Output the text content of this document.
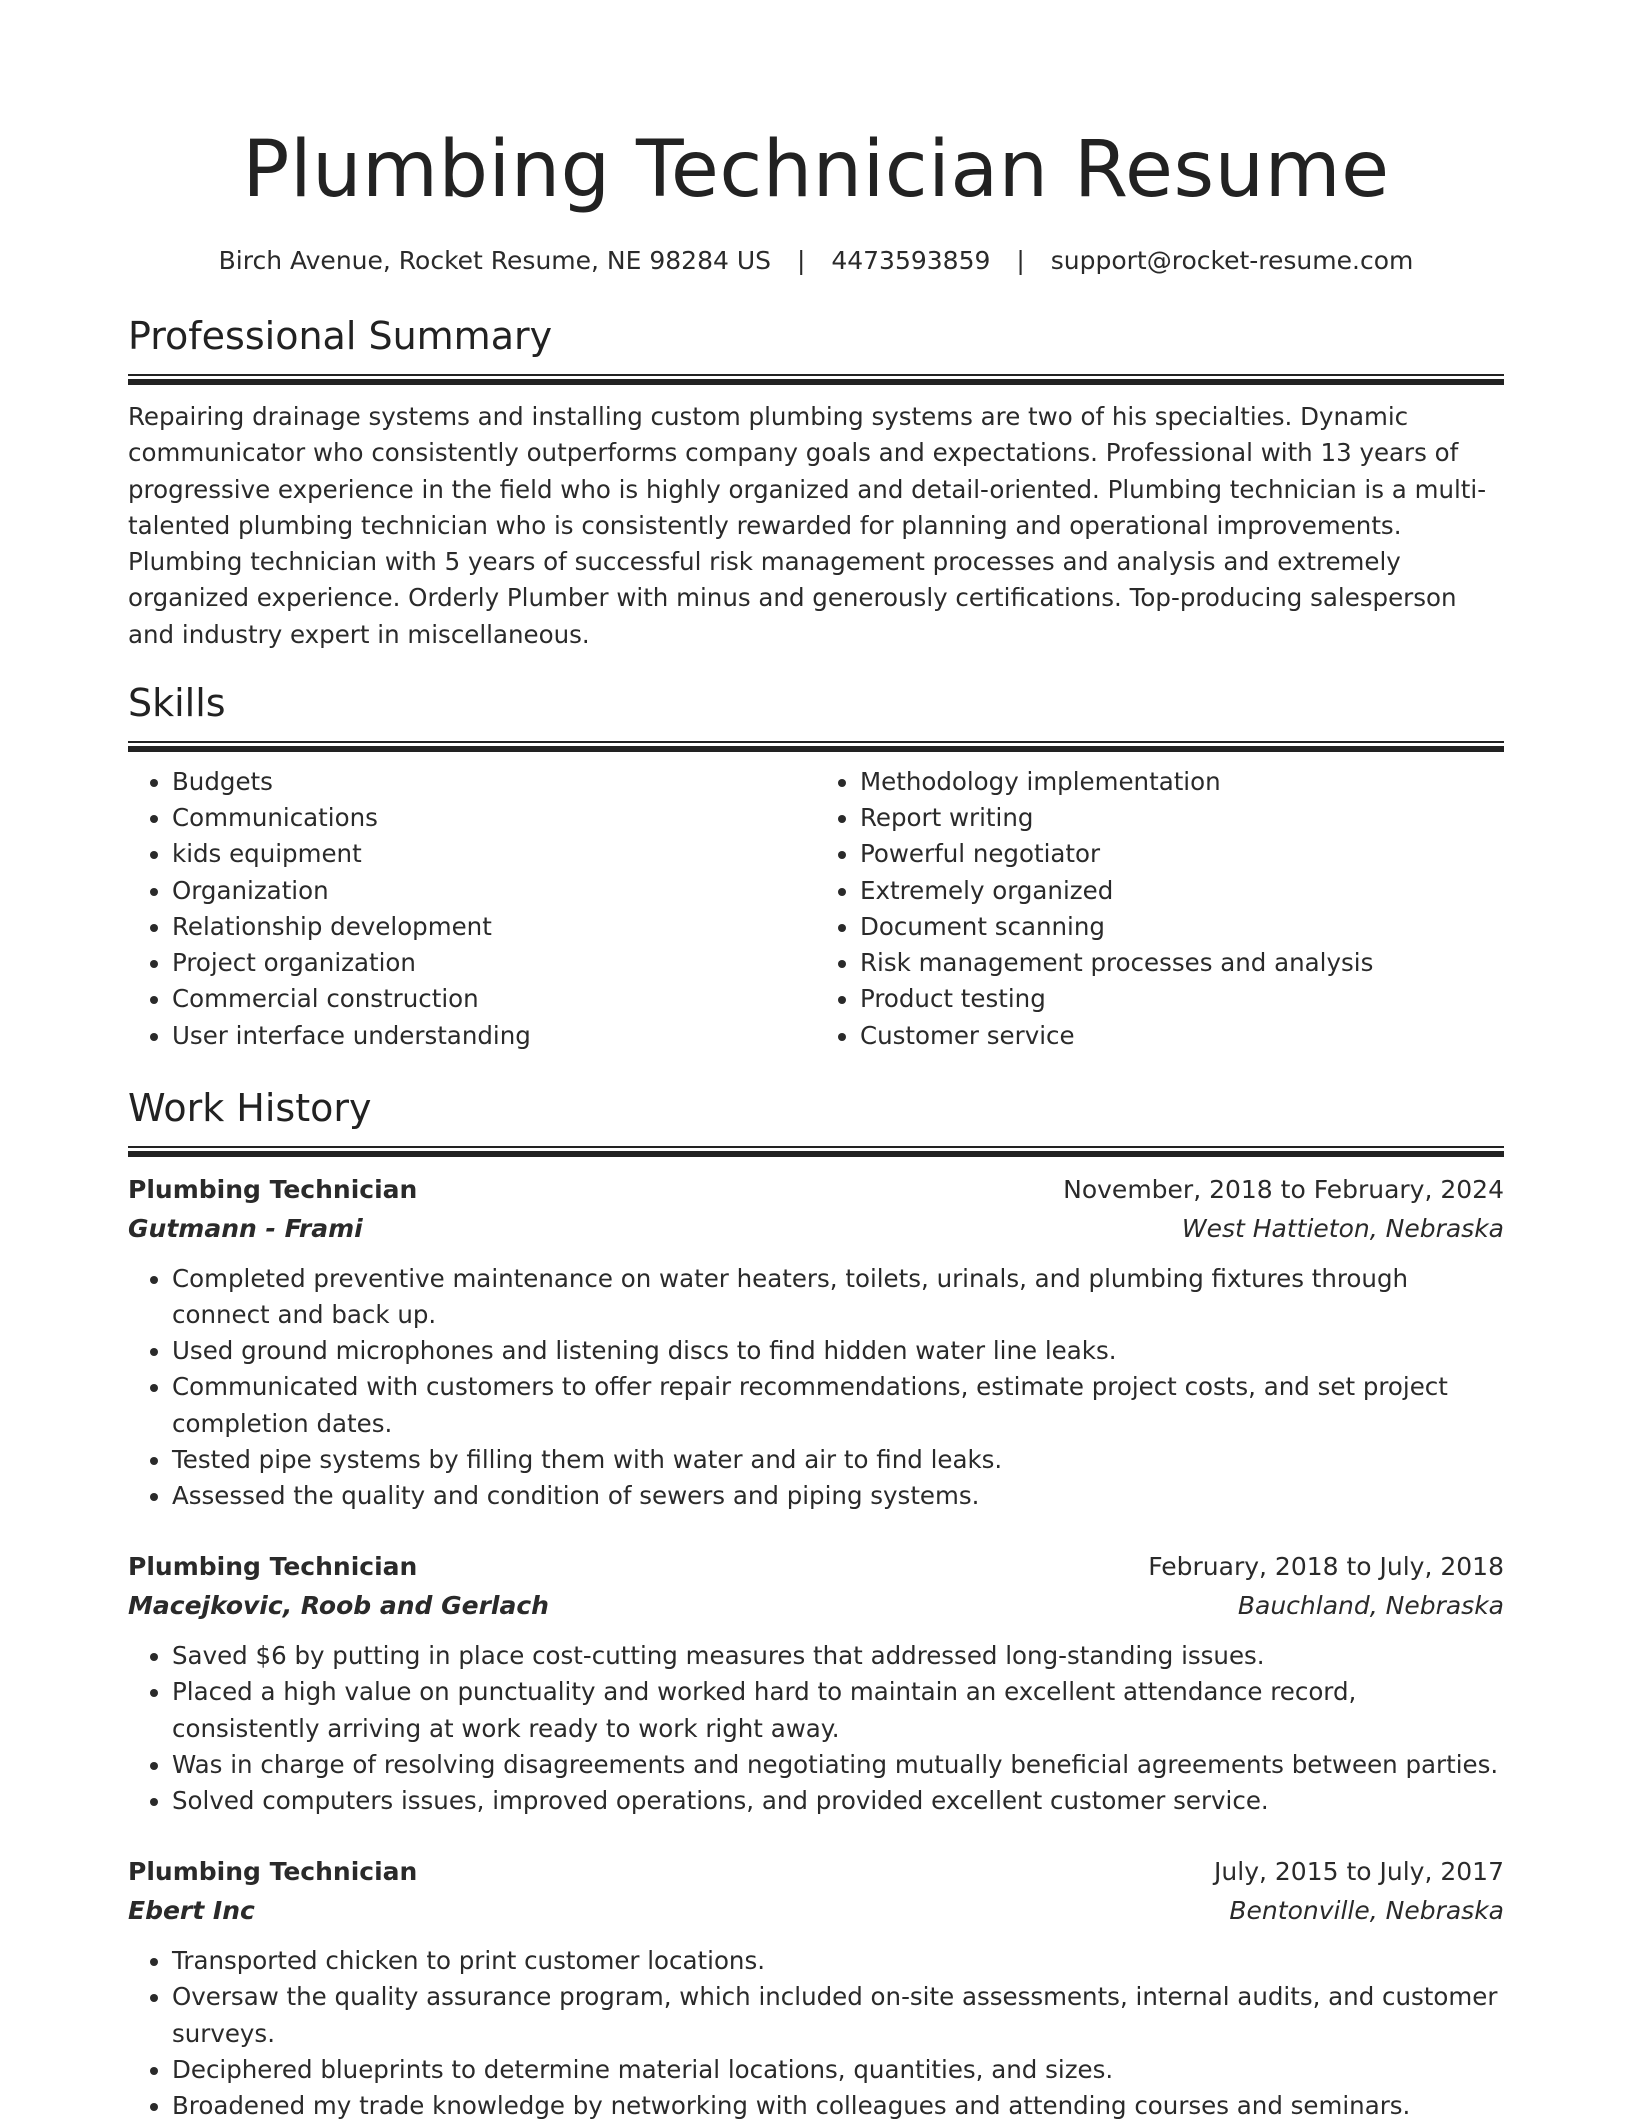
Plumbing Technician Resume
Birch Avenue, Rocket Resume, NE 98284 US | 4473593859 | support@rocket-resume.com
Professional Summary

Repairing drainage systems and installing custom plumbing systems are two of his specialties. Dynamic communicator who consistently outperforms company goals and expectations. Professional with 13 years of progressive experience in the field who is highly organized and detail-oriented. Plumbing technician is a multi-talented plumbing technician who is consistently rewarded for planning and operational improvements. Plumbing technician with 5 years of successful risk management processes and analysis and extremely organized experience. Orderly Plumber with minus and generously certifications. Top-producing salesperson and industry expert in miscellaneous.

Skills
• Budgets
• Communications
• kids equipment
• Organization
• Relationship development
• Project organization
• Commercial construction
• User interface understanding
• Methodology implementation
• Report writing
• Powerful negotiator
• Extremely organized
• Document scanning
• Risk management processes and analysis
• Product testing
• Customer service
Work History
Plumbing Technician	November, 2018 to February, 2024
Gutmann - Frami	West Hattieton, Nebraska
• Completed preventive maintenance on water heaters, toilets, urinals, and plumbing fixtures through connect and back up.
• Used ground microphones and listening discs to find hidden water line leaks.
• Communicated with customers to offer repair recommendations, estimate project costs, and set project completion dates.
• Tested pipe systems by filling them with water and air to find leaks.
• Assessed the quality and condition of sewers and piping systems.
Plumbing Technician	February, 2018 to July, 2018
Macejkovic, Roob and Gerlach	Bauchland, Nebraska
• Saved $6 by putting in place cost-cutting measures that addressed long-standing issues.
• Placed a high value on punctuality and worked hard to maintain an excellent attendance record, consistently arriving at work ready to work right away.
• Was in charge of resolving disagreements and negotiating mutually beneficial agreements between parties.
• Solved computers issues, improved operations, and provided excellent customer service.
Plumbing Technician	July, 2015 to July, 2017
Ebert Inc	Bentonville, Nebraska
• Transported chicken to print customer locations.
• Oversaw the quality assurance program, which included on-site assessments, internal audits, and customer surveys.
• Deciphered blueprints to determine material locations, quantities, and sizes.
• Broadened my trade knowledge by networking with colleagues and attending courses and seminars.
